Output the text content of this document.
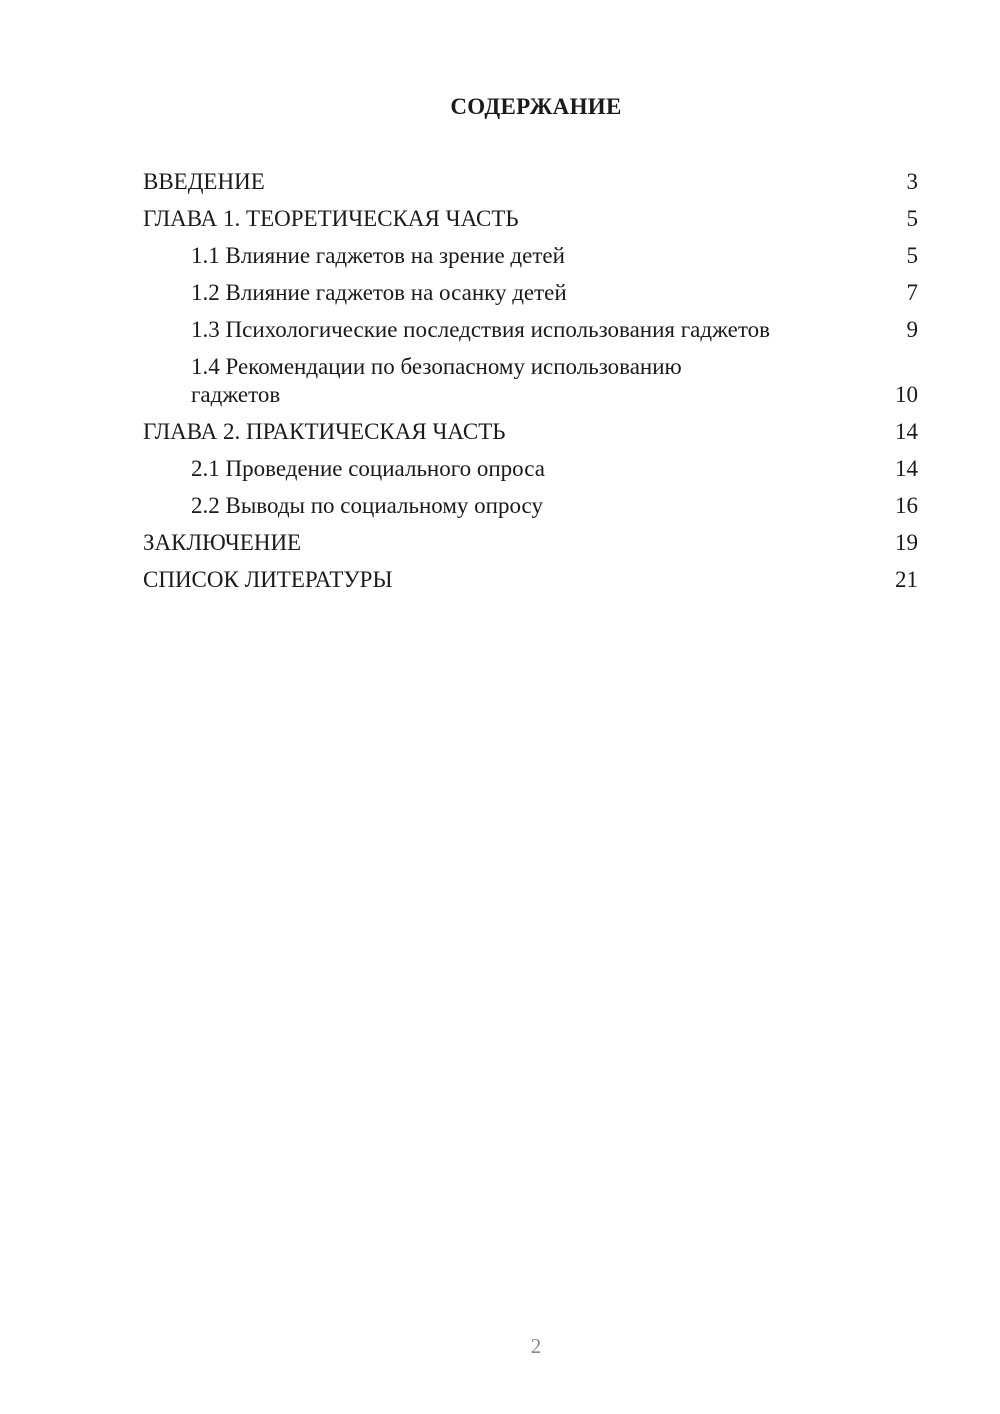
СОДЕРЖАНИЕ
ВВЕДЕНИЕ	3
ГЛАВА 1. ТЕОРЕТИЧЕСКАЯ ЧАСТЬ	5
1.1 Влияние гаджетов на зрение детей	5
1.2 Влияние гаджетов на осанку детей	7
1.3 Психологические последствия использования гаджетов	9
1.4 Рекомендации по безопасному использованию гаджетов	10
ГЛАВА 2. ПРАКТИЧЕСКАЯ ЧАСТЬ	14
2.1 Проведение социального опроса	14
2.2 Выводы по социальному опросу	16
ЗАКЛЮЧЕНИЕ	19
СПИСОК ЛИТЕРАТУРЫ	21
2
